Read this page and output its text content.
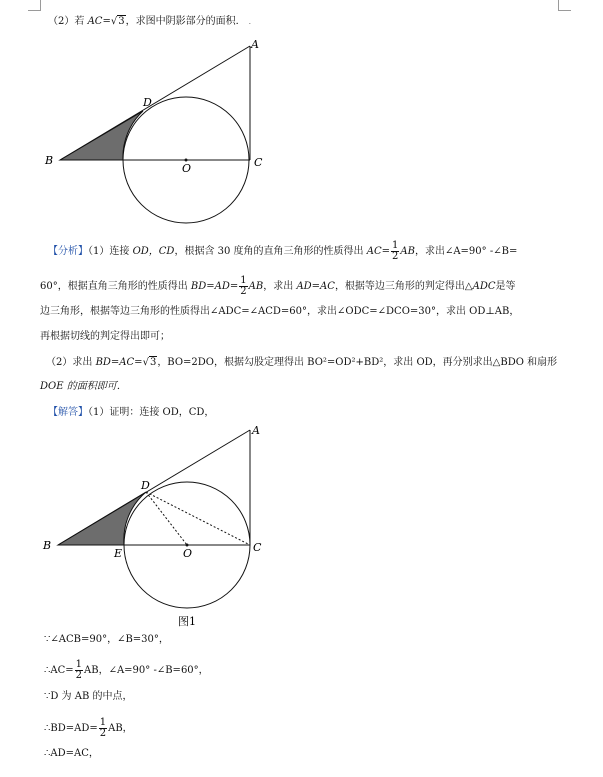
（2）若 AC=√3，求图中阴影部分的面积． .
A
B	C
D
O
【分析】（1）连接 OD，CD，根据含 30 度角的直角三角形的性质得出 $AC= \frac{1}{2}$ AB，求出∠A=90° -∠B=
60°，根据直角三角形的性质得出 $BD=AD= \frac{1}{2}$ AB，求出 AD=AC，根据等边三角形的判定得出△ADC是等
边三角形，根据等边三角形的性质得出∠ADC=∠ACD=60°，求出∠ODC=∠DCO=30°，求出 OD⊥AB，
再根据切线的判定得出即可；
（2）求出 BD=AC=√3，BO=2DO，根据勾股定理得出 BO²=OD²+BD²，求出 OD，再分别求出△BDO 和扇形
DOE 的面积即可．
【解答】（1）证明：连接 OD，CD，
A
B	C
D
E	O
图1
∵∠ACB=90°，∠B=30°，
∴AC= $\frac{1}{2}$ AB，∠A=90° -∠B=60°，
∵D 为 AB 的中点，
∴BD=AD= $\frac{1}{2}$ AB，
∴AD=AC，
